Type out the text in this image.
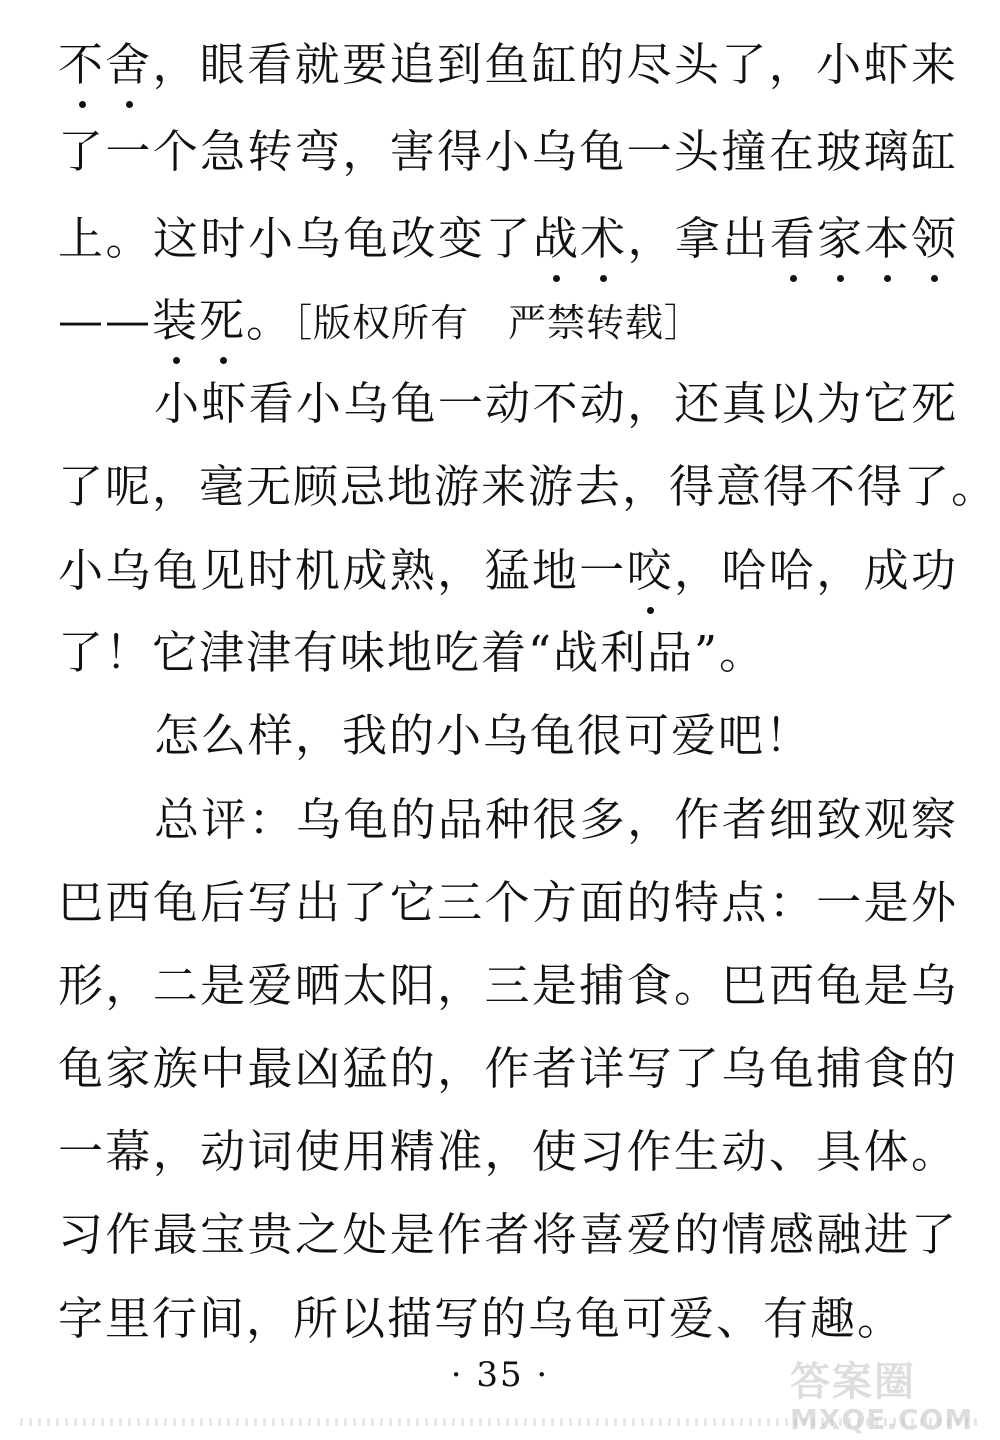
不舍，眼看就要追到鱼缸的尽头了，小虾来
了一个急转弯，害得小乌龟一头撞在玻璃缸
上。这时小乌龟改变了战术，拿出看家本领
——装死。［版权所有　严禁转载］
小虾看小乌龟一动不动，还真以为它死
了呢，毫无顾忌地游来游去，得意得不得了。
小乌龟见时机成熟，猛地一咬，哈哈，成功
了！它津津有味地吃着“战利品”。
怎么样，我的小乌龟很可爱吧！
总评：乌龟的品种很多，作者细致观察
巴西龟后写出了它三个方面的特点：一是外
形，二是爱晒太阳，三是捕食。巴西龟是乌
龟家族中最凶猛的，作者详写了乌龟捕食的
一幕，动词使用精准，使习作生动、具体。
习作最宝贵之处是作者将喜爱的情感融进了
字里行间，所以描写的乌龟可爱、有趣。
· 35 ·	答案圈
MXQE.COM
